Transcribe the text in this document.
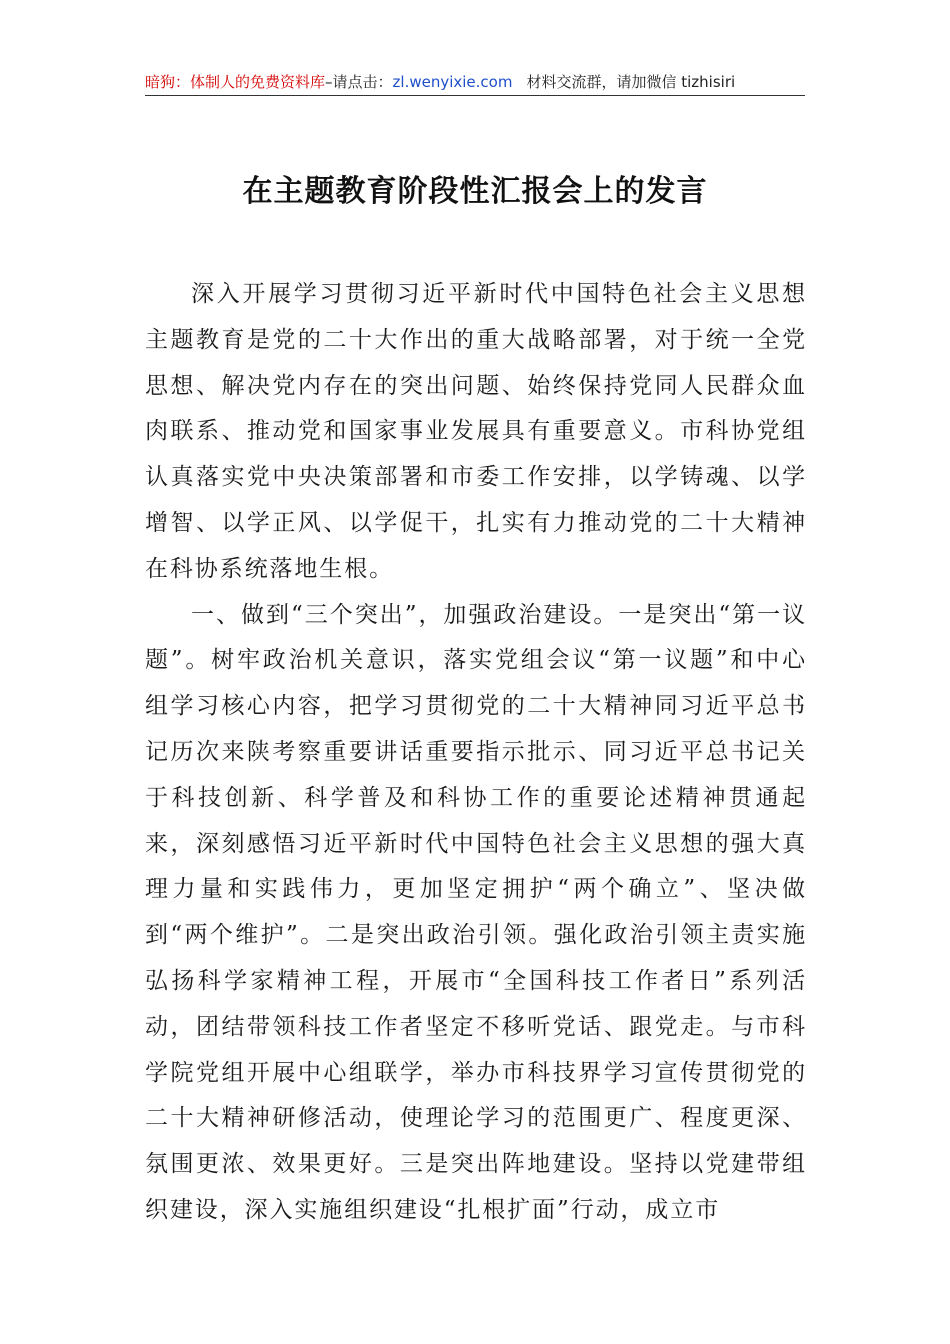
暗狗：体制人的免费资料库–请点击：zl.wenyixie.com 材料交流群，请加微信 tizhisiri
在主题教育阶段性汇报会上的发言

深入开展学习贯彻习近平新时代中国特色社会主义思想主题教育是党的二十大作出的重大战略部署，对于统一全党思想、解决党内存在的突出问题、始终保持党同人民群众血肉联系、推动党和国家事业发展具有重要意义。市科协党组认真落实党中央决策部署和市委工作安排，以学铸魂、以学增智、以学正风、以学促干，扎实有力推动党的二十大精神在科协系统落地生根。

一、做到“三个突出”，加强政治建设。一是突出“第一议题”。树牢政治机关意识，落实党组会议“第一议题”和中心组学习核心内容，把学习贯彻党的二十大精神同习近平总书记历次来陕考察重要讲话重要指示批示、同习近平总书记关于科技创新、科学普及和科协工作的重要论述精神贯通起来，深刻感悟习近平新时代中国特色社会主义思想的强大真理力量和实践伟力，更加坚定拥护“两个确立”、坚决做到“两个维护”。二是突出政治引领。强化政治引领主责实施弘扬科学家精神工程，开展市“全国科技工作者日”系列活动，团结带领科技工作者坚定不移听党话、跟党走。与市科学院党组开展中心组联学，举办市科技界学习宣传贯彻党的二十大精神研修活动，使理论学习的范围更广、程度更深、氛围更浓、效果更好。三是突出阵地建设。坚持以党建带组织建设，深入实施组织建设“扎根扩面”行动，成立市
